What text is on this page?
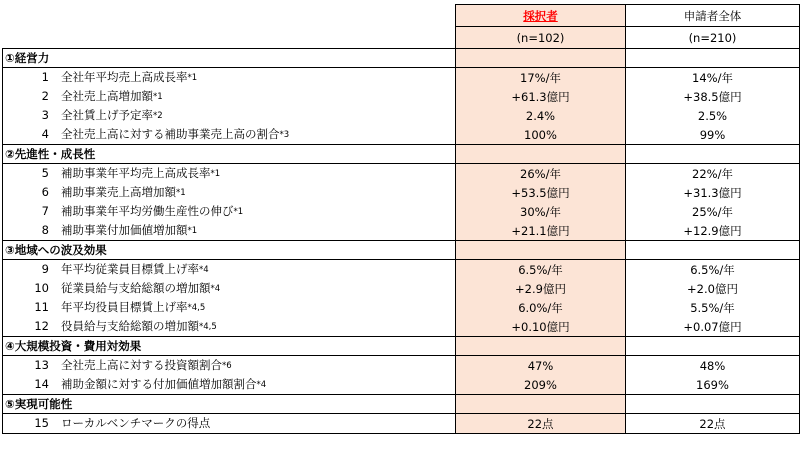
	採択者	申請者全体
	(n=102)	(n=210)
①経営力		
1 全社年平均売上高成長率*1	17%/年	14%/年
2 全社売上高増加額*1	+61.3億円	+38.5億円
3 全社賃上げ予定率*2	2.4%	2.5%
4 全社売上高に対する補助事業売上高の割合*3	100%	99%
②先進性・成長性		
5 補助事業年平均売上高成長率*1	26%/年	22%/年
6 補助事業売上高増加額*1	+53.5億円	+31.3億円
7 補助事業年平均労働生産性の伸び*1	30%/年	25%/年
8 補助事業付加価値増加額*1	+21.1億円	+12.9億円
③地域への波及効果		
9 年平均従業員目標賃上げ率*4	6.5%/年	6.5%/年
10 従業員給与支給総額の増加額*4	+2.9億円	+2.0億円
11 年平均役員目標賃上げ率*4,5	6.0%/年	5.5%/年
12 役員給与支給総額の増加額*4,5	+0.10億円	+0.07億円
④大規模投資・費用対効果		
13 全社売上高に対する投資額割合*6	47%	48%
14 補助金額に対する付加価値増加額割合*4	209%	169%
⑤実現可能性		
15 ローカルベンチマークの得点	22点	22点
